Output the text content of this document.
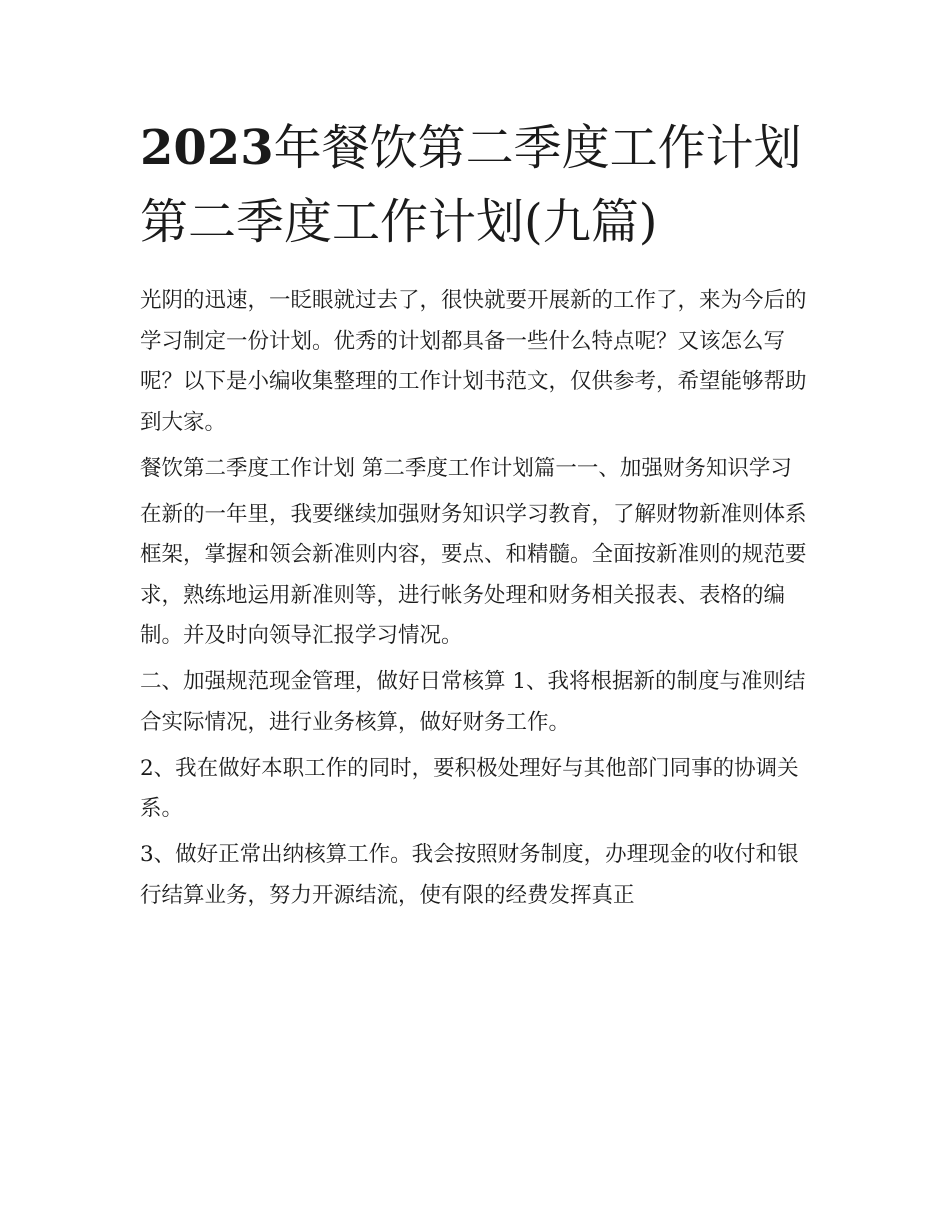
2023年餐饮第二季度工作计划
第二季度工作计划(九篇)

光阴的迅速，一眨眼就过去了，很快就要开展新的工作了，来为今后的学习制定一份计划。优秀的计划都具备一些什么特点呢？又该怎么写呢？以下是小编收集整理的工作计划书范文，仅供参考，希望能够帮助到大家。

餐饮第二季度工作计划 第二季度工作计划篇一一、加强财务知识学习

在新的一年里，我要继续加强财务知识学习教育，了解财物新准则体系框架，掌握和领会新准则内容，要点、和精髓。全面按新准则的规范要求，熟练地运用新准则等，进行帐务处理和财务相关报表、表格的编制。并及时向领导汇报学习情况。

二、加强规范现金管理，做好日常核算 1、我将根据新的制度与准则结合实际情况，进行业务核算，做好财务工作。

2、我在做好本职工作的同时，要积极处理好与其他部门同事的协调关系。

3、做好正常出纳核算工作。我会按照财务制度，办理现金的收付和银行结算业务，努力开源结流，使有限的经费发挥真正
